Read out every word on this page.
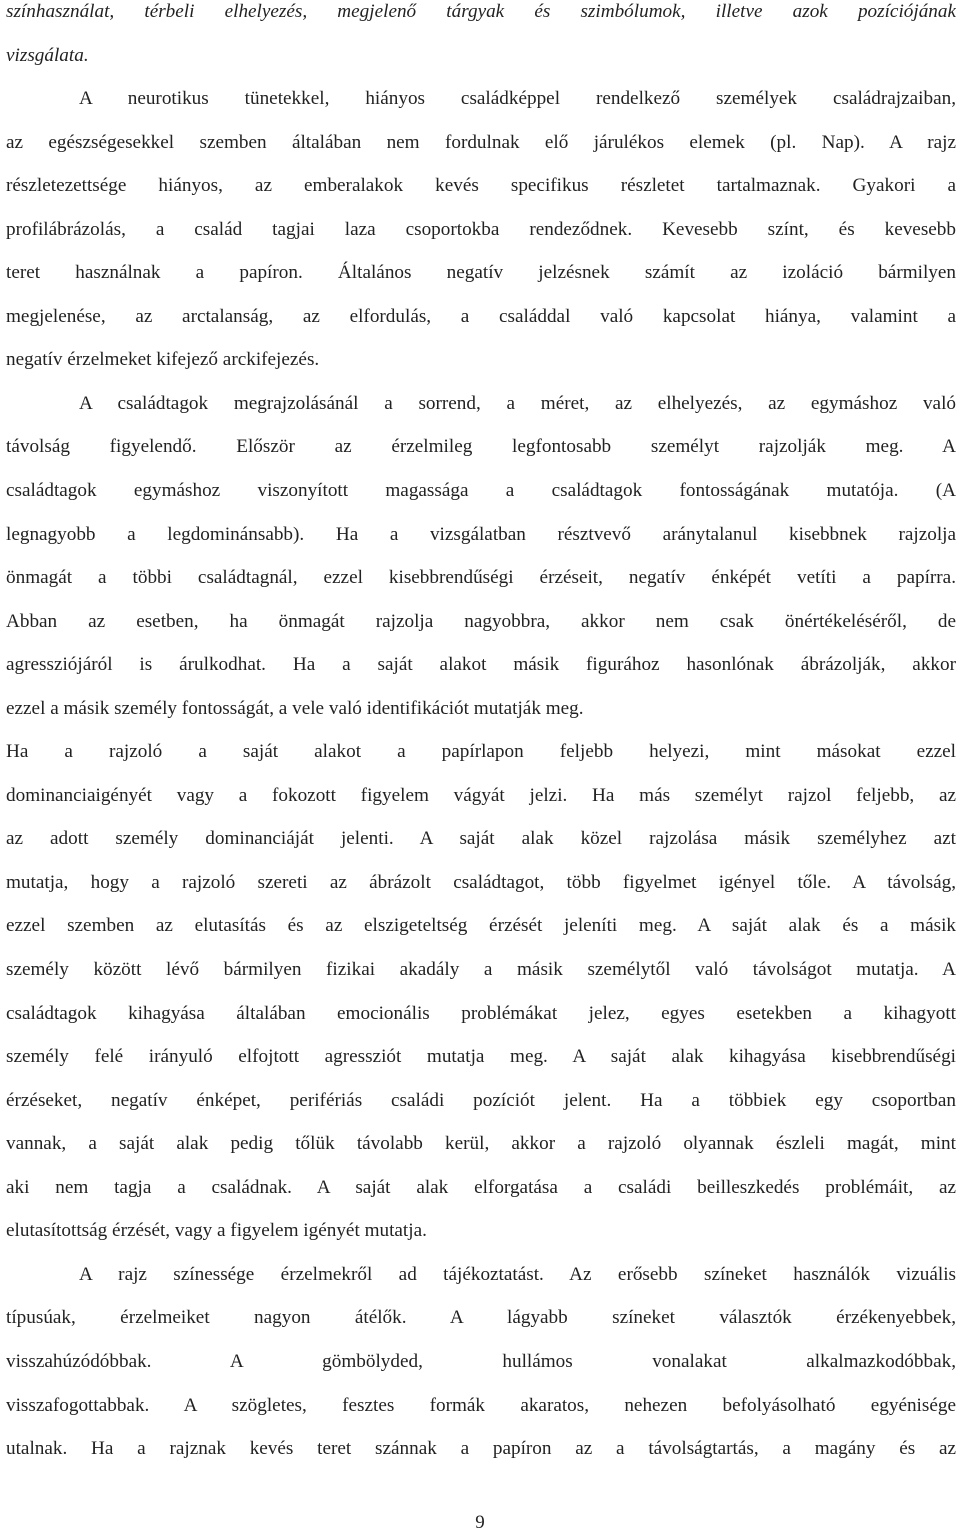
színhasználat, térbeli elhelyezés, megjelenő tárgyak és szimbólumok, illetve azok pozíciójának
vizsgálata.
A neurotikus tünetekkel, hiányos családképpel rendelkező személyek családrajzaiban,
az egészségesekkel szemben általában nem fordulnak elő járulékos elemek (pl. Nap). A rajz
részletezettsége hiányos, az emberalakok kevés specifikus részletet tartalmaznak. Gyakori a
profilábrázolás, a család tagjai laza csoportokba rendeződnek. Kevesebb színt, és kevesebb
teret használnak a papíron. Általános negatív jelzésnek számít az izoláció bármilyen
megjelenése, az arctalanság, az elfordulás, a családdal való kapcsolat hiánya, valamint a
negatív érzelmeket kifejező arckifejezés.
A családtagok megrajzolásánál a sorrend, a méret, az elhelyezés, az egymáshoz való
távolság figyelendő. Először az érzelmileg legfontosabb személyt rajzolják meg. A
családtagok egymáshoz viszonyított magassága a családtagok fontosságának mutatója. (A
legnagyobb a legdominánsabb). Ha a vizsgálatban résztvevő aránytalanul kisebbnek rajzolja
önmagát a többi családtagnál, ezzel kisebbrendűségi érzéseit, negatív énképét vetíti a papírra.
Abban az esetben, ha önmagát rajzolja nagyobbra, akkor nem csak önértékeléséről, de
agressziójáról is árulkodhat. Ha a saját alakot másik figurához hasonlónak ábrázolják, akkor
ezzel a másik személy fontosságát, a vele való identifikációt mutatják meg.
Ha a rajzoló a saját alakot a papírlapon feljebb helyezi, mint másokat ezzel
dominanciaigényét vagy a fokozott figyelem vágyát jelzi. Ha más személyt rajzol feljebb, az
az adott személy dominanciáját jelenti. A saját alak közel rajzolása másik személyhez azt
mutatja, hogy a rajzoló szereti az ábrázolt családtagot, több figyelmet igényel tőle. A távolság,
ezzel szemben az elutasítás és az elszigeteltség érzését jeleníti meg. A saját alak és a másik
személy között lévő bármilyen fizikai akadály a másik személytől való távolságot mutatja. A
családtagok kihagyása általában emocionális problémákat jelez, egyes esetekben a kihagyott
személy felé irányuló elfojtott agressziót mutatja meg. A saját alak kihagyása kisebbrendűségi
érzéseket, negatív énképet, perifériás családi pozíciót jelent. Ha a többiek egy csoportban
vannak, a saját alak pedig tőlük távolabb kerül, akkor a rajzoló olyannak észleli magát, mint
aki nem tagja a családnak. A saját alak elforgatása a családi beilleszkedés problémáit, az
elutasítottság érzését, vagy a figyelem igényét mutatja.
A rajz színessége érzelmekről ad tájékoztatást. Az erősebb színeket használók vizuális
típusúak, érzelmeiket nagyon átélők. A lágyabb színeket választók érzékenyebbek,
visszahúzódóbbak. A gömbölyded, hullámos vonalakat alkalmazkodóbbak,
visszafogottabbak. A szögletes, fesztes formák akaratos, nehezen befolyásolható egyénisége
utalnak. Ha a rajznak kevés teret szánnak a papíron az a távolságtartás, a magány és az
9
